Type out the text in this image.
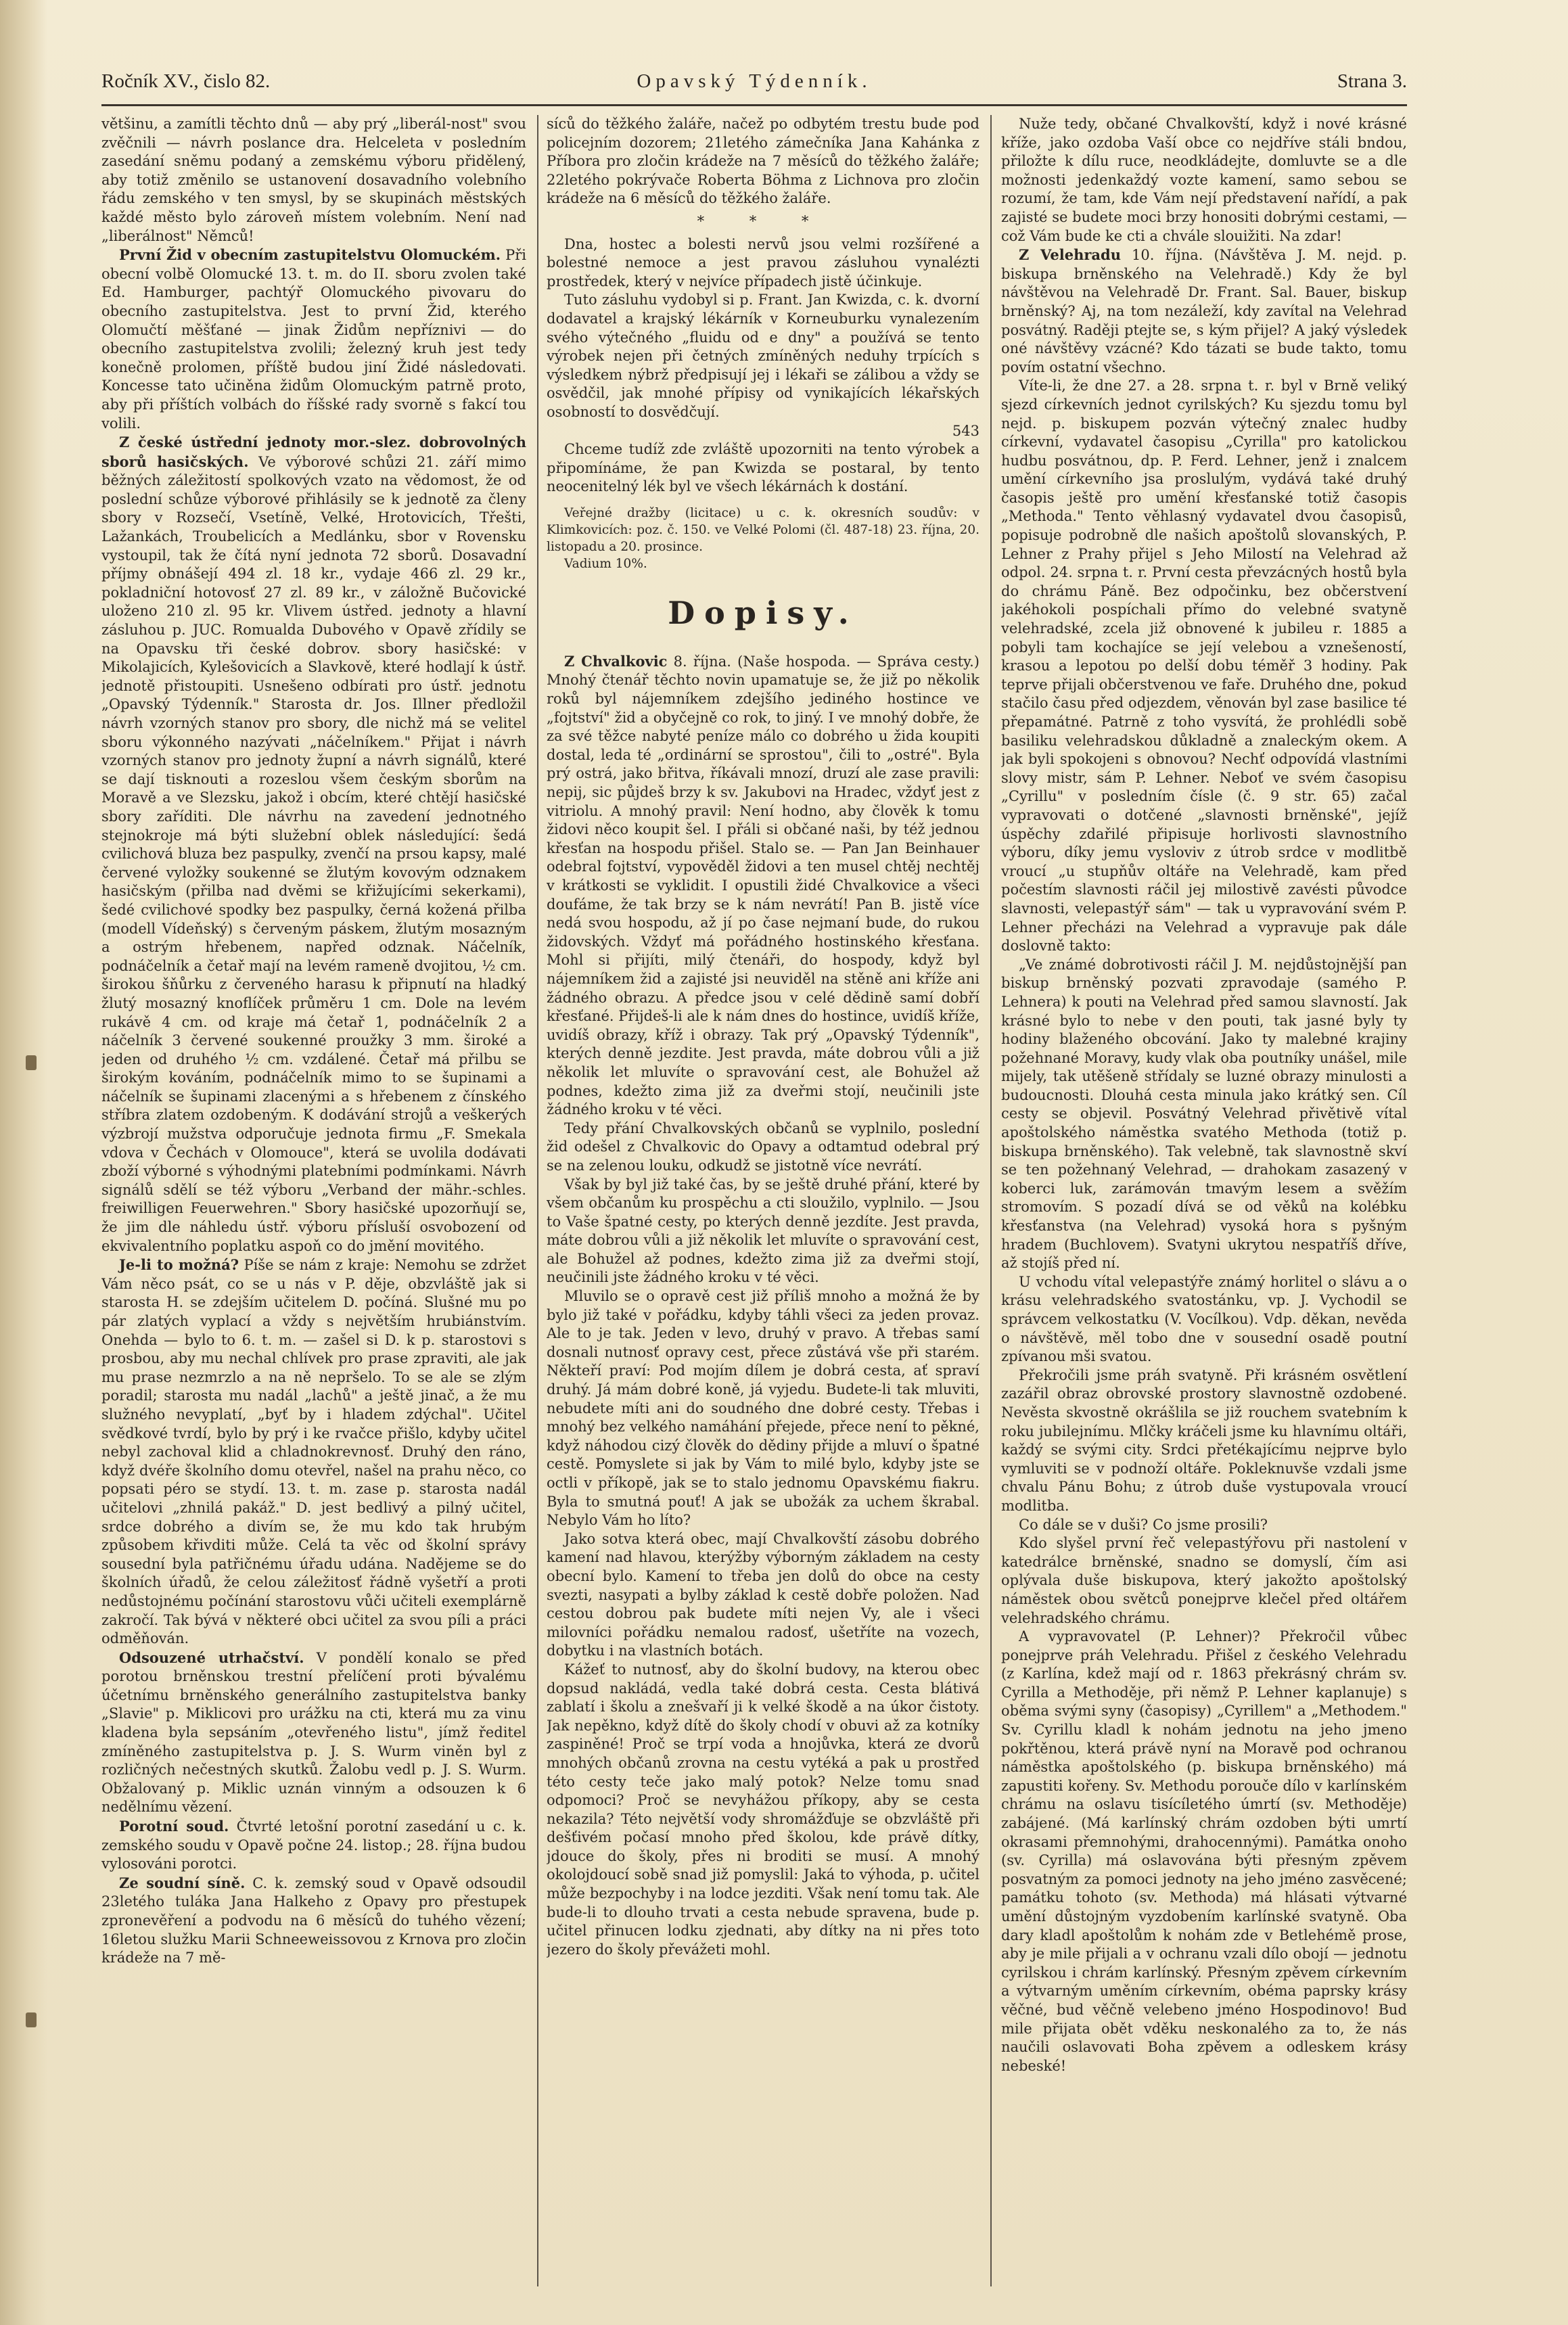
Ročník XV., čislo 82.	Opavský Týdenník.	Strana 3.

většinu, a zamítli těchto dnů — aby prý „liberál-nost" svou zvěčnili — návrh poslance dra. Helceleta v posledním zasedání sněmu podaný a zemskému výboru přidělený, aby totiž změnilo se ustanovení dosavadního volebního řádu zemského v ten smysl, by se skupinách městských každé město bylo zároveň místem volebním. Není nad „liberálnost" Němců!

První Žid v obecním zastupitelstvu Olomuckém. Při obecní volbě Olomucké 13. t. m. do II. sboru zvolen také Ed. Hamburger, pachtýř Olomuckého pivovaru do obecního zastupitelstva. Jest to první Žid, kterého Olomučtí měšťané — jinak Židům nepříznivi — do obecního zastupitelstva zvolili; železný kruh jest tedy konečně prolomen, příště budou jiní Židé následovati. Koncesse tato učiněna židům Olomuckým patrně proto, aby při příštích volbách do říšské rady svorně s fakcí tou volili.

Z české ústřední jednoty mor.-slez. dobrovolných sborů hasičských. Ve výborové schůzi 21. září mimo běžných záležitostí spolkových vzato na vědomost, že od poslední schůze výborové přihlásily se k jednotě za členy sbory v Rozsečí, Vsetíně, Velké, Hrotovicích, Třešti, Lažankách, Troubelicích a Medlánku, sbor v Rovensku vystoupil, tak že čítá nyní jednota 72 sborů. Dosavadní příjmy obnášejí 494 zl. 18 kr., vydaje 466 zl. 29 kr., pokladniční hotovosť 27 zl. 89 kr., v záložně Bučovické uloženo 210 zl. 95 kr. Vlivem ústřed. jednoty a hlavní zásluhou p. JUC. Romualda Dubového v Opavě zřídily se na Opavsku tři české dobrov. sbory hasičské: v Mikolajicích, Kylešovicích a Slavkově, které hodlají k ústř. jednotě přistoupiti. Usnešeno odbírati pro ústř. jednotu „Opavský Týdenník." Starosta dr. Jos. Illner předložil návrh vzorných stanov pro sbory, dle nichž má se velitel sboru výkonného nazývati „náčelníkem." Přijat i návrh vzorných stanov pro jednoty župní a návrh signálů, které se dají tisknouti a rozeslou všem českým sborům na Moravě a ve Slezsku, jakož i obcím, které chtějí hasičské sbory zaříditi. Dle návrhu na zavedení jednotného stejnokroje má býti služební oblek následující: šedá cvilichová bluza bez paspulky, zvenčí na prsou kapsy, malé červené vyložky soukenné se žlutým kovovým odznakem hasičským (přilba nad dvěmi se křižujícími sekerkami), šedé cvilichové spodky bez paspulky, černá kožená přilba (modell Vídeňský) s červeným páskem, žlutým mosazným a ostrým hřebenem, napřed odznak. Náčelník, podnáčelník a četař mají na levém rameně dvojitou, ½ cm. širokou šňůrku z červeného harasu k připnutí na hladký žlutý mosazný knoflíček průměru 1 cm. Dole na levém rukávě 4 cm. od kraje má četař 1, podnáčelník 2 a náčelník 3 červené soukenné proužky 3 mm. široké a jeden od druhého ½ cm. vzdálené. Četař má přilbu se širokým kováním, podnáčelník mimo to se šupinami a náčelník se šupinami zlacenými a s hřebenem z čínského stříbra zlatem ozdobeným. K dodávání strojů a veškerých výzbrojí mužstva odporučuje jednota firmu „F. Smekala vdova v Čechách v Olomouce", která se uvolila dodávati zboží výborné s výhodnými platebními podmínkami. Návrh signálů sdělí se též výboru „Verband der mähr.-schles. freiwilligen Feuerwehren." Sbory hasičské upozorňují se, že jim dle náhledu ústř. výboru přísluší osvobození od ekvivalentního poplatku aspoň co do jmění movitého.

Je-li to možná? Píše se nám z kraje: Nemohu se zdržet Vám něco psát, co se u nás v P. děje, obzvláště jak si starosta H. se zdejším učitelem D. počíná. Slušné mu po pár zlatých vyplací a vždy s největším hrubiánstvím. Onehda — bylo to 6. t. m. — zašel si D. k p. starostovi s prosbou, aby mu nechal chlívek pro prase zpraviti, ale jak mu prase nezmrzlo a na ně nepršelo. To se ale se zlým poradil; starosta mu nadál „lachů" a ještě jinač, a že mu služného nevyplatí, „byť by i hladem zdýchal". Učitel svědkové tvrdí, bylo by prý i ke rvačce přišlo, kdyby učitel nebyl zachoval klid a chladnokrevnosť. Druhý den ráno, když dvéře školního domu otevřel, našel na prahu něco, co popsati péro se stydí. 13. t. m. zase p. starosta nadál učitelovi „zhnilá pakáž." D. jest bedlivý a pilný učitel, srdce dobrého a divím se, že mu kdo tak hrubým způsobem křivditi může. Celá ta věc od školní správy sousední byla patřičnému úřadu udána. Nadějeme se do školních úřadů, že celou záležitosť řádně vyšetří a proti nedůstojnému počínání starostovu vůči učiteli exemplárně zakročí. Tak bývá v některé obci učitel za svou píli a práci odměňován.

Odsouzené utrhačství. V pondělí konalo se před porotou brněnskou trestní přelíčení proti bývalému účetnímu brněnského generálního zastupitelstva banky „Slavie" p. Miklicovi pro urážku na cti, která mu za vinu kladena byla sepsáním „otevřeného listu", jímž ředitel zmíněného zastupitelstva p. J. S. Wurm viněn byl z rozličných nečestných skutků. Žalobu vedl p. J. S. Wurm. Obžalovaný p. Miklic uznán vinným a odsouzen k 6 nedělnímu vězení.

Porotní soud. Čtvrté letošní porotní zasedání u c. k. zemského soudu v Opavě počne 24. listop.; 28. října budou vylosováni porotci.

Ze soudní síně. C. k. zemský soud v Opavě odsoudil 23letého tuláka Jana Halkeho z Opavy pro přestupek zpronevěření a podvodu na 6 měsíců do tuhého vězení; 16letou služku Marii Schneeweissovou z Krnova pro zločin krádeže na 7 mě-

síců do těžkého žaláře, načež po odbytém trestu bude pod policejním dozorem; 21letého zámečníka Jana Kahánka z Příbora pro zločin krádeže na 7 měsíců do těžkého žaláře; 22letého pokrývače Roberta Böhma z Lichnova pro zločin krádeže na 6 měsíců do těžkého žaláře.

* * *

Dna, hostec a bolesti nervů jsou velmi rozšířené a bolestné nemoce a jest pravou zásluhou vynalézti prostředek, který v nejvíce případech jistě účinkuje.

Tuto zásluhu vydobyl si p. Frant. Jan Kwizda, c. k. dvorní dodavatel a krajský lékárník v Korneuburku vynalezením svého výtečného „fluidu od e dny" a používá se tento výrobek nejen při četných zmíněných neduhy trpících s výsledkem nýbrž předpisují jej i lékaři se zálibou a vždy se osvědčil, jak mnohé přípisy od vynikajících lékařských osobností to dosvědčují.

543

Chceme tudíž zde zvláště upozorniti na tento výrobek a připomínáme, že pan Kwizda se postaral, by tento neocenitelný lék byl ve všech lékárnách k dostání.

Veřejné dražby (licitace) u c. k. okresních soudův: v Klimkovicích: poz. č. 150. ve Velké Polomi (čl. 487-18) 23. října, 20. listopadu a 20. prosince.

Vadium 10%.

Dopisy.

Z Chvalkovic 8. října. (Naše hospoda. — Správa cesty.) Mnohý čtenář těchto novin upamatuje se, že již po několik roků byl nájemníkem zdejšího jediného hostince ve „fojtství" žid a obyčejně co rok, to jiný. I ve mnohý dobře, že za své těžce nabyté peníze málo co dobrého u žida koupiti dostal, leda té „ordinární se sprostou", čili to „ostré". Byla prý ostrá, jako břitva, říkávali mnozí, druzí ale zase pravili: nepij, sic půjdeš brzy k sv. Jakubovi na Hradec, vždyť jest z vitriolu. A mnohý pravil: Není hodno, aby člověk k tomu židovi něco koupit šel. I přáli si občané naši, by též jednou křesťan na hospodu přišel. Stalo se. — Pan Jan Beinhauer odebral fojtství, vypověděl židovi a ten musel chtěj nechtěj v krátkosti se vyklidit. I opustili židé Chvalkovice a všeci doufáme, že tak brzy se k nám nevrátí! Pan B. jistě více nedá svou hospodu, až jí po čase nejmaní bude, do rukou židovských. Vždyť má pořádného hostinského křesťana. Mohl si přijíti, milý čtenáři, do hospody, když byl nájemníkem žid a zajisté jsi neuviděl na stěně ani kříže ani žádného obrazu. A předce jsou v celé dědině samí dobří křesťané. Přijdeš-li ale k nám dnes do hostince, uvidíš kříže, uvidíš obrazy, kříž i obrazy. Tak prý „Opavský Týdenník", kterých denně jezdite. Jest pravda, máte dobrou vůli a již několik let mluvíte o spravování cest, ale Bohužel až podnes, kdežto zima již za dveřmi stojí, neučinili jste žádného kroku v té věci.

Tedy přání Chvalkovských občanů se vyplnilo, poslední žid odešel z Chvalkovic do Opavy a odtamtud odebral prý se na zelenou louku, odkudž se jistotně více nevrátí.

Však by byl již také čas, by se ještě druhé přání, které by všem občanům ku prospěchu a cti sloužilo, vyplnilo. — Jsou to Vaše špatné cesty, po kterých denně jezdíte. Jest pravda, máte dobrou vůli a již několik let mluvíte o spravování cest, ale Bohužel až podnes, kdežto zima již za dveřmi stojí, neučinili jste žádného kroku v té věci.

Mluvilo se o opravě cest již příliš mnoho a možná že by bylo již také v pořádku, kdyby táhli všeci za jeden provaz. Ale to je tak. Jeden v levo, druhý v pravo. A třebas samí dosnali nutnosť opravy cest, přece zůstává vše při starém. Někteří praví: Pod mojím dílem je dobrá cesta, ať spraví druhý. Já mám dobré koně, já vyjedu. Budete-li tak mluviti, nebudete míti ani do soudného dne dobré cesty. Třebas i mnohý bez velkého namáhání přejede, přece není to pěkné, když náhodou cizý člověk do dědiny přijde a mluví o špatné cestě. Pomyslete si jak by Vám to milé bylo, kdyby jste se octli v příkopě, jak se to stalo jednomu Opavskému fiakru. Byla to smutná pouť! A jak se ubožák za uchem škrabal. Nebylo Vám ho líto?

Jako sotva která obec, mají Chvalkovští zásobu dobrého kamení nad hlavou, kterýžby výborným základem na cesty obecní bylo. Kamení to třeba jen dolů do obce na cesty svezti, nasypati a bylby základ k cestě dobře položen. Nad cestou dobrou pak budete míti nejen Vy, ale i všeci milovníci pořádku nemalou radosť, ušetříte na vozech, dobytku i na vlastních botách.

Kážeť to nutnosť, aby do školní budovy, na kterou obec dopsud nakládá, vedla také dobrá cesta. Cesta blátivá zablatí i školu a znešvaří ji k velké škodě a na úkor čistoty. Jak nepěkno, když dítě do školy chodí v obuvi až za kotníky zaspiněné! Proč se trpí voda a hnojůvka, která ze dvorů mnohých občanů zrovna na cestu vytéká a pak u prostřed této cesty teče jako malý potok? Nelze tomu snad odpomoci? Proč se nevyhážou příkopy, aby se cesta nekazila? Této největší vody shromážďuje se obzvláště při dešťivém počasí mnoho před školou, kde právě dítky, jdouce do školy, přes ni broditi se musí. A mnohý okolojdoucí sobě snad již pomyslil: Jaká to výhoda, p. učitel může bezpochyby i na lodce jezditi. Však není tomu tak. Ale bude-li to dlouho trvati a cesta nebude spravena, bude p. učitel přinucen lodku zjednati, aby dítky na ni přes toto jezero do školy převážeti mohl.

Nuže tedy, občané Chvalkovští, když i nové krásné kříže, jako ozdoba Vaší obce co nejdříve stáli bndou, přiložte k dílu ruce, neodkládejte, domluvte se a dle možnosti jedenkaždý vozte kamení, samo sebou se rozumí, že tam, kde Vám nejí představení nařídí, a pak zajisté se budete moci brzy honositi dobrými cestami, — což Vám bude ke cti a chvále slouižiti. Na zdar!

Z Velehradu 10. října. (Návštěva J. M. nejd. p. biskupa brněnského na Velehradě.) Kdy že byl návštěvou na Velehradě Dr. Frant. Sal. Bauer, biskup brněnský? Aj, na tom nezáleží, kdy zavítal na Velehrad posvátný. Raději ptejte se, s kým přijel? A jaký výsledek oné návštěvy vzácné? Kdo tázati se bude takto, tomu povím ostatní všechno.

Víte-li, že dne 27. a 28. srpna t. r. byl v Brně veliký sjezd církevních jednot cyrilských? Ku sjezdu tomu byl nejd. p. biskupem pozván výtečný znalec hudby církevní, vydavatel časopisu „Cyrilla" pro katolickou hudbu posvátnou, dp. P. Ferd. Lehner, jenž i znalcem umění církevního jsa proslulým, vydává také druhý časopis ještě pro umění křesťanské totiž časopis „Methoda." Tento věhlasný vydavatel dvou časopisů, popisuje podrobně dle našich apoštolů slovanských, P. Lehner z Prahy přijel s Jeho Milostí na Velehrad až odpol. 24. srpna t. r. První cesta převzácných hostů byla do chrámu Páně. Bez odpočinku, bez občerstvení jakéhokoli pospíchali přímo do velebné svatyně velehradské, zcela již obnovené k jubileu r. 1885 a pobyli tam kochajíce se její velebou a vznešeností, krasou a lepotou po delší dobu téměř 3 hodiny. Pak teprve přijali občerstvenou ve faře. Druhého dne, pokud stačilo času před odjezdem, věnován byl zase basilice té přepamátné. Patrně z toho vysvítá, že prohlédli sobě basiliku velehradskou důkladně a znaleckým okem. A jak byli spokojeni s obnovou? Nechť odpovídá vlastními slovy mistr, sám P. Lehner. Neboť ve svém časopisu „Cyrillu" v posledním čísle (č. 9 str. 65) začal vypravovati o dotčené „slavnosti brněnské", jejíž úspěchy zdařilé připisuje horlivosti slavnostního výboru, díky jemu vysloviv z útrob srdce v modlitbě vroucí „u stupňův oltáře na Velehradě, kam před počestím slavnosti ráčil jej milostivě zavésti původce slavnosti, velepastýř sám" — tak u vypravování svém P. Lehner přecházi na Velehrad a vypravuje pak dále doslovně takto:

„Ve známé dobrotivosti ráčil J. M. nejdůstojnější pan biskup brněnský pozvati zpravodaje (samého P. Lehnera) k pouti na Velehrad před samou slavností. Jak krásné bylo to nebe v den pouti, tak jasné byly ty hodiny blaženého obcování. Jako ty malebné krajiny požehnané Moravy, kudy vlak oba poutníky unášel, mile mijely, tak utěšeně střídaly se luzné obrazy minulosti a budoucnosti. Dlouhá cesta minula jako krátký sen. Cíl cesty se objevil. Posvátný Velehrad přivětivě vítal apoštolského náměstka svatého Methoda (totiž p. biskupa brněnského). Tak velebně, tak slavnostně skví se ten požehnaný Velehrad, — drahokam zasazený v koberci luk, zarámován tmavým lesem a svěžím stromovím. S pozadí dívá se od věků na kolébku křesťanstva (na Velehrad) vysoká hora s pyšným hradem (Buchlovem). Svatyni ukrytou nespatříš dříve, až stojíš před ní.

U vchodu vítal velepastýře známý horlitel o slávu a o krásu velehradského svatostánku, vp. J. Vychodil se správcem velkostatku (V. Vocílkou). Vdp. děkan, nevěda o návštěvě, měl tobo dne v sousední osadě poutní zpívanou mši svatou.

Překročili jsme práh svatyně. Při krásném osvětlení zazářil obraz obrovské prostory slavnostně ozdobené. Nevěsta skvostně okrášlila se již rouchem svatebním k roku jubilejnímu. Mlčky kráčeli jsme ku hlavnímu oltáři, každý se svými city. Srdci přetékajícímu nejprve bylo vymluviti se v podnoží oltáře. Pokleknuvše vzdali jsme chvalu Pánu Bohu; z útrob duše vystupovala vroucí modlitba.

Co dále se v duši? Co jsme prosili?

Kdo slyšel první řeč velepastýřovu při nastolení v katedrálce brněnské, snadno se domyslí, čím asi oplývala duše biskupova, který jakožto apoštolský náměstek obou světců ponejprve klečel před oltářem velehradského chrámu.

A vypravovatel (P. Lehner)? Překročil vůbec ponejprve práh Velehradu. Přišel z českého Velehradu (z Karlína, kdež mají od r. 1863 překrásný chrám sv. Cyrilla a Methoděje, při němž P. Lehner kaplanuje) s oběma svými syny (časopisy) „Cyrillem" a „Methodem." Sv. Cyrillu kladl k nohám jednotu na jeho jmeno pokřtěnou, která právě nyní na Moravě pod ochranou náměstka apoštolského (p. biskupa brněnského) má zapustiti kořeny. Sv. Methodu porouče dílo v karlínském chrámu na oslavu tisícíletého úmrtí (sv. Methoděje) zabájené. (Má karlínský chrám ozdoben býti umrtí okrasami přemnohými, drahocennými). Památka onoho (sv. Cyrilla) má oslavována býti přesným zpěvem posvatným za pomoci jednoty na jeho jméno zasvěcené; památku tohoto (sv. Methoda) má hlásati výtvarné umění důstojným vyzdobením karlínské svatyně. Oba dary kladl apoštolům k nohám zde v Betlehémě prose, aby je mile přijali a v ochranu vzali dílo obojí — jednotu cyrilskou i chrám karlínský. Přesným zpěvem církevním a výtvarným uměním církevním, obéma paprsky krásy věčné, bud věčně velebeno jméno Hospodinovo! Bud mile přijata obět vděku neskonalého za to, že nás naučili oslavovati Boha zpěvem a odleskem krásy nebeské!
